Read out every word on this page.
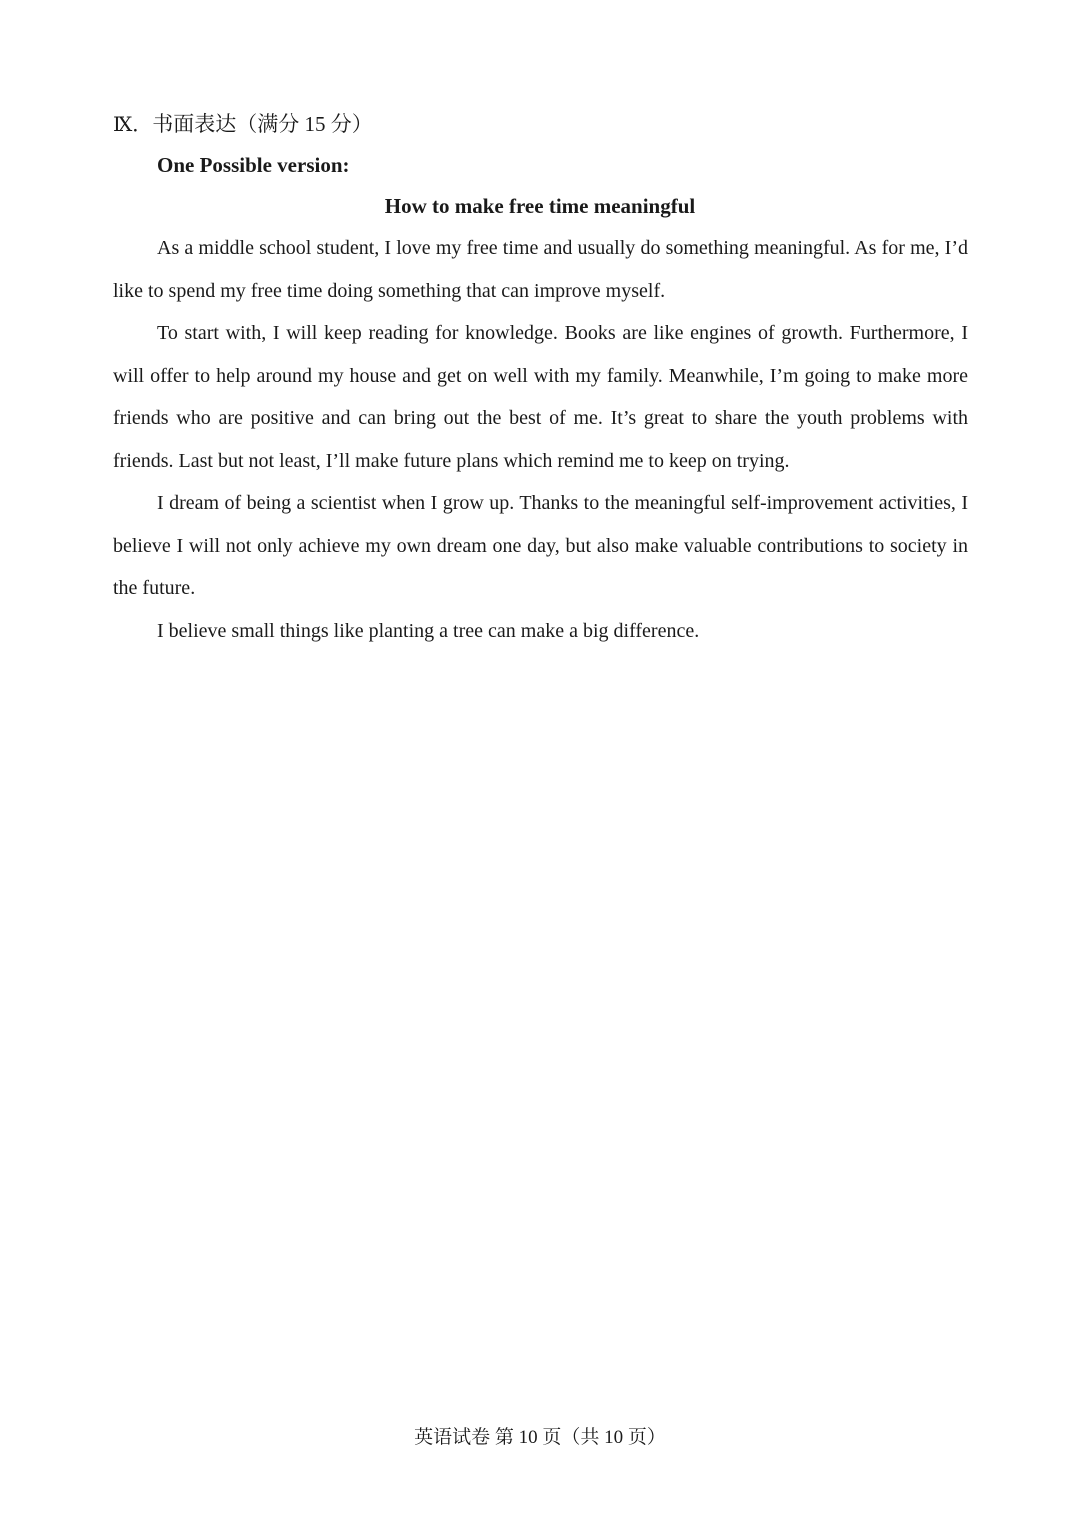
Ⅸ．书面表达（满分 15 分）
One Possible version:
How to make free time meaningful

As a middle school student, I love my free time and usually do something meaningful. As for me, I’d like to spend my free time doing something that can improve myself.

To start with, I will keep reading for knowledge. Books are like engines of growth. Furthermore, I will offer to help around my house and get on well with my family. Meanwhile, I’m going to make more friends who are positive and can bring out the best of me. It’s great to share the youth problems with friends. Last but not least, I’ll make future plans which remind me to keep on trying.

I dream of being a scientist when I grow up. Thanks to the meaningful self-improvement activities, I believe I will not only achieve my own dream one day, but also make valuable contributions to society in the future.

I believe small things like planting a tree can make a big difference.

英语试卷 第 10 页（共 10 页）
